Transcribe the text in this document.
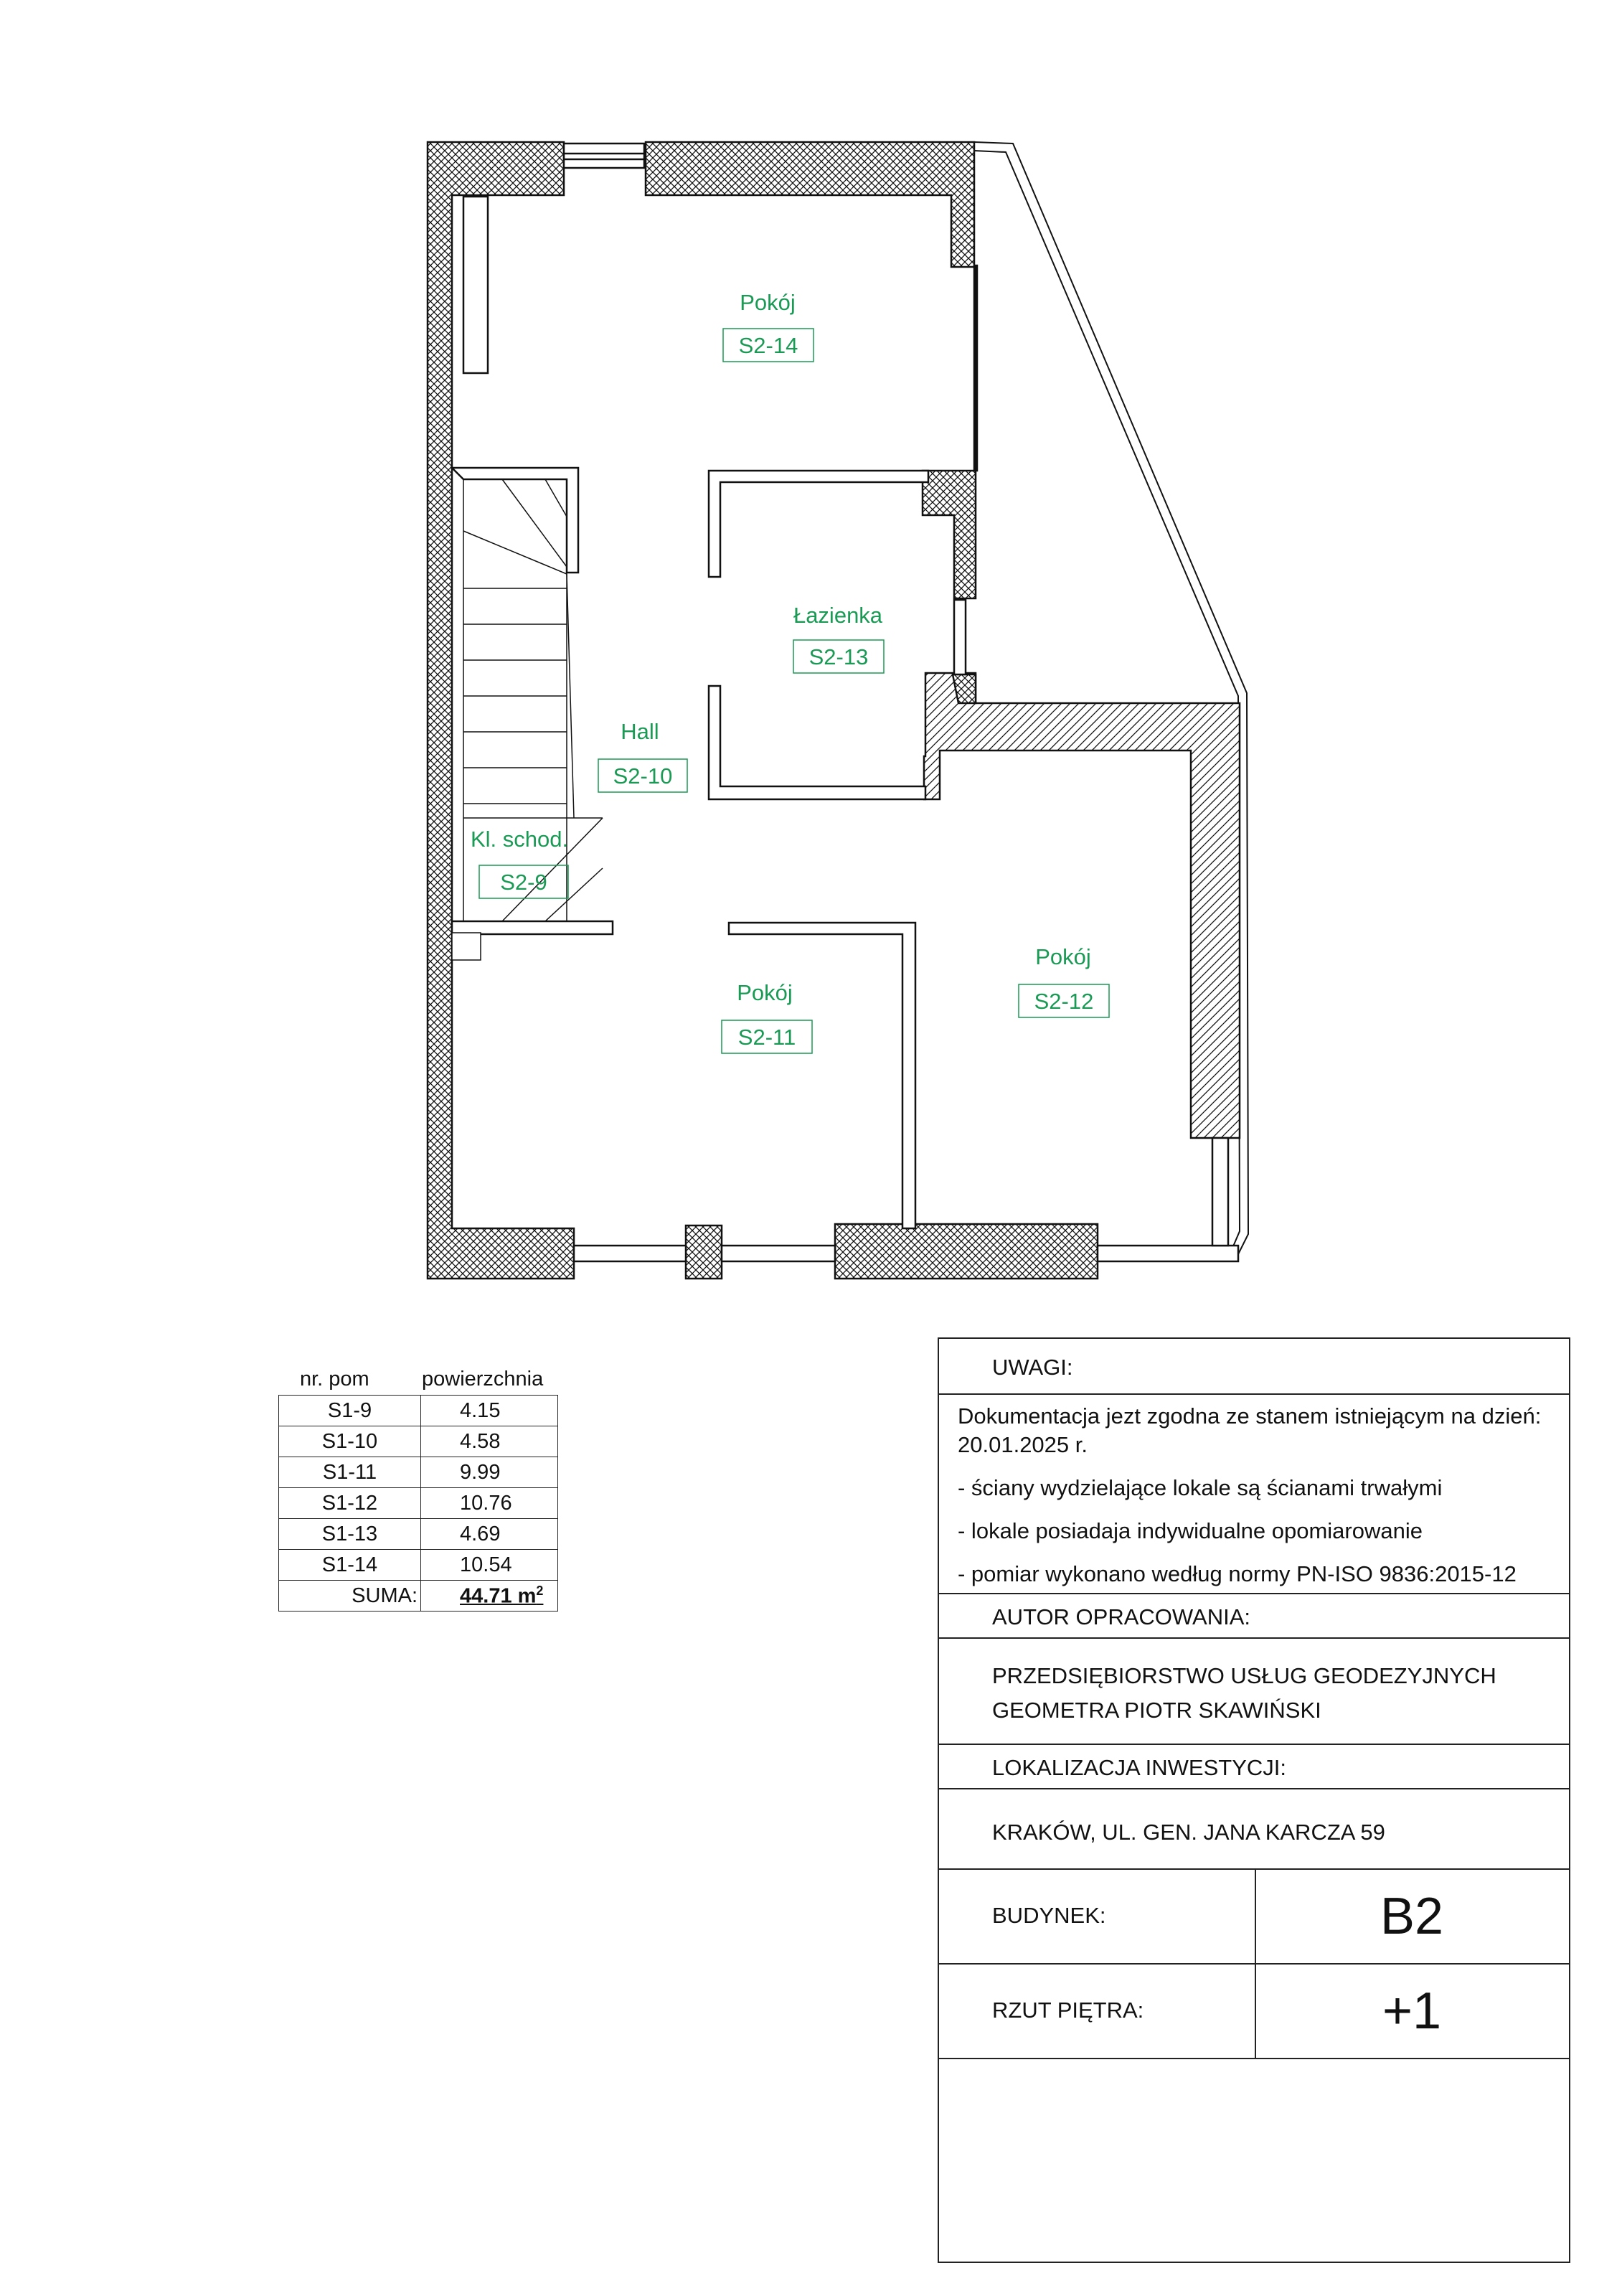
Pokój
S2-14
Łazienka
S2-13
Hall
S2-10
Kl. schod.
S2-9
Pokój
S2-11
Pokój
S2-12
nr. pom	powierzchnia
S1-9	4.15
S1-10	4.58
S1-11	9.99
S1-12	10.76
S1-13	4.69
S1-14	10.54
SUMA:	44.71 $m^2$
UWAGI:
Dokumentacja jezt zgodna ze stanem istniejącym na dzień:
20.01.2025 r.
- ściany wydzielające lokale są ścianami trwałymi
- lokale posiadaja indywidualne opomiarowanie
- pomiar wykonano według normy PN-ISO 9836:2015-12
AUTOR OPRACOWANIA:
PRZEDSIĘBIORSTWO USŁUG GEODEZYJNYCH
GEOMETRA PIOTR SKAWIŃSKI
LOKALIZACJA INWESTYCJI:
KRAKÓW, UL. GEN. JANA KARCZA 59
BUDYNEK:	B2
RZUT PIĘTRA:	+1
